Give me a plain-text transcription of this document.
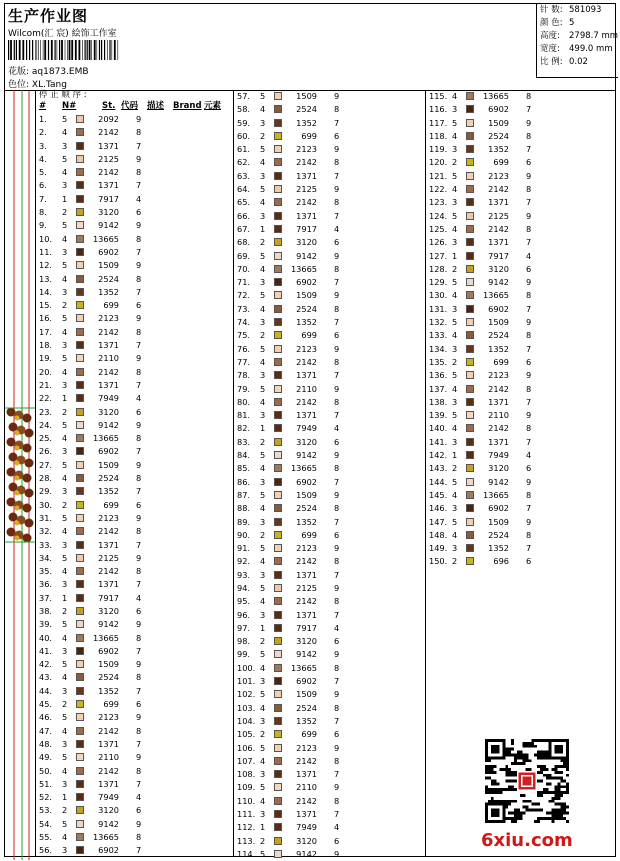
生产作业图
Wilcom(汇 宸) 絵饰工作室
花版: aq1873.EMB
色位: XL.Tang
针 数: 581093
颜 色: 5
高度: 2798.7 mm
宽度: 499.0 mm
比 例: 0.02
停 止 顺 序 :
# N#	St. 代码 描述 Brand 元素
1. 5	2092 9
2. 4	2142 8
3. 3	1371 7
4. 5	2125 9
5. 4	2142 8
6. 3	1371 7
7. 1	7917 4
8. 2	3120 6
9. 5	9142 9
10. 4	13665 8
11. 3	6902 7
12. 5	1509 9
13. 4	2524 8
14. 3	1352 7
15. 2	699 6
16. 5	2123 9
17. 4	2142 8
18. 3	1371 7
19. 5	2110 9
20. 4	2142 8
21. 3	1371 7
22. 1	7949 4
23. 2	3120 6
24. 5	9142 9
25. 4	13665 8
26. 3	6902 7
27. 5	1509 9
28. 4	2524 8
29. 3	1352 7
30. 2	699 6
31. 5	2123 9
32. 4	2142 8
33. 3	1371 7
34. 5	2125 9
35. 4	2142 8
36. 3	1371 7
37. 1	7917 4
38. 2	3120 6
39. 5	9142 9
40. 4	13665 8
41. 3	6902 7
42. 5	1509 9
43. 4	2524 8
44. 3	1352 7
45. 2	699 6
46. 5	2123 9
47. 4	2142 8
48. 3	1371 7
49. 5	2110 9
50. 4	2142 8
51. 3	1371 7
52. 1	7949 4
53. 2	3120 6
54. 5	9142 9
55. 4	13665 8
56. 3	6902 7
57. 5	1509 9
58. 4	2524 8
59. 3	1352 7
60. 2	699 6
61. 5	2123 9
62. 4	2142 8
63. 3	1371 7
64. 5	2125 9
65. 4	2142 8
66. 3	1371 7
67. 1	7917 4
68. 2	3120 6
69. 5	9142 9
70. 4	13665 8
71. 3	6902 7
72. 5	1509 9
73. 4	2524 8
74. 3	1352 7
75. 2	699 6
76. 5	2123 9
77. 4	2142 8
78. 3	1371 7
79. 5	2110 9
80. 4	2142 8
81. 3	1371 7
82. 1	7949 4
83. 2	3120 6
84. 5	9142 9
85. 4	13665 8
86. 3	6902 7
87. 5	1509 9
88. 4	2524 8
89. 3	1352 7
90. 2	699 6
91. 5	2123 9
92. 4	2142 8
93. 3	1371 7
94. 5	2125 9
95. 4	2142 8
96. 3	1371 7
97. 1	7917 4
98. 2	3120 6
99. 5	9142 9
100. 4	13665 8
101. 3	6902 7
102. 5	1509 9
103. 4	2524 8
104. 3	1352 7
105. 2	699 6
106. 5	2123 9
107. 4	2142 8
108. 3	1371 7
109. 5	2110 9
110. 4	2142 8
111. 3	1371 7
112. 1	7949 4
113. 2	3120 6
114. 5	9142 9
115. 4	13665 8
116. 3	6902 7
117. 5	1509 9
118. 4	2524 8
119. 3	1352 7
120. 2	699 6
121. 5	2123 9
122. 4	2142 8
123. 3	1371 7
124. 5	2125 9
125. 4	2142 8
126. 3	1371 7
127. 1	7917 4
128. 2	3120 6
129. 5	9142 9
130. 4	13665 8
131. 3	6902 7
132. 5	1509 9
133. 4	2524 8
134. 3	1352 7
135. 2	699 6
136. 5	2123 9
137. 4	2142 8
138. 3	1371 7
139. 5	2110 9
140. 4	2142 8
141. 3	1371 7
142. 1	7949 4
143. 2	3120 6
144. 5	9142 9
145. 4	13665 8
146. 3	6902 7
147. 5	1509 9
148. 4	2524 8
149. 3	1352 7
150. 2	696 6
6xiu.com
